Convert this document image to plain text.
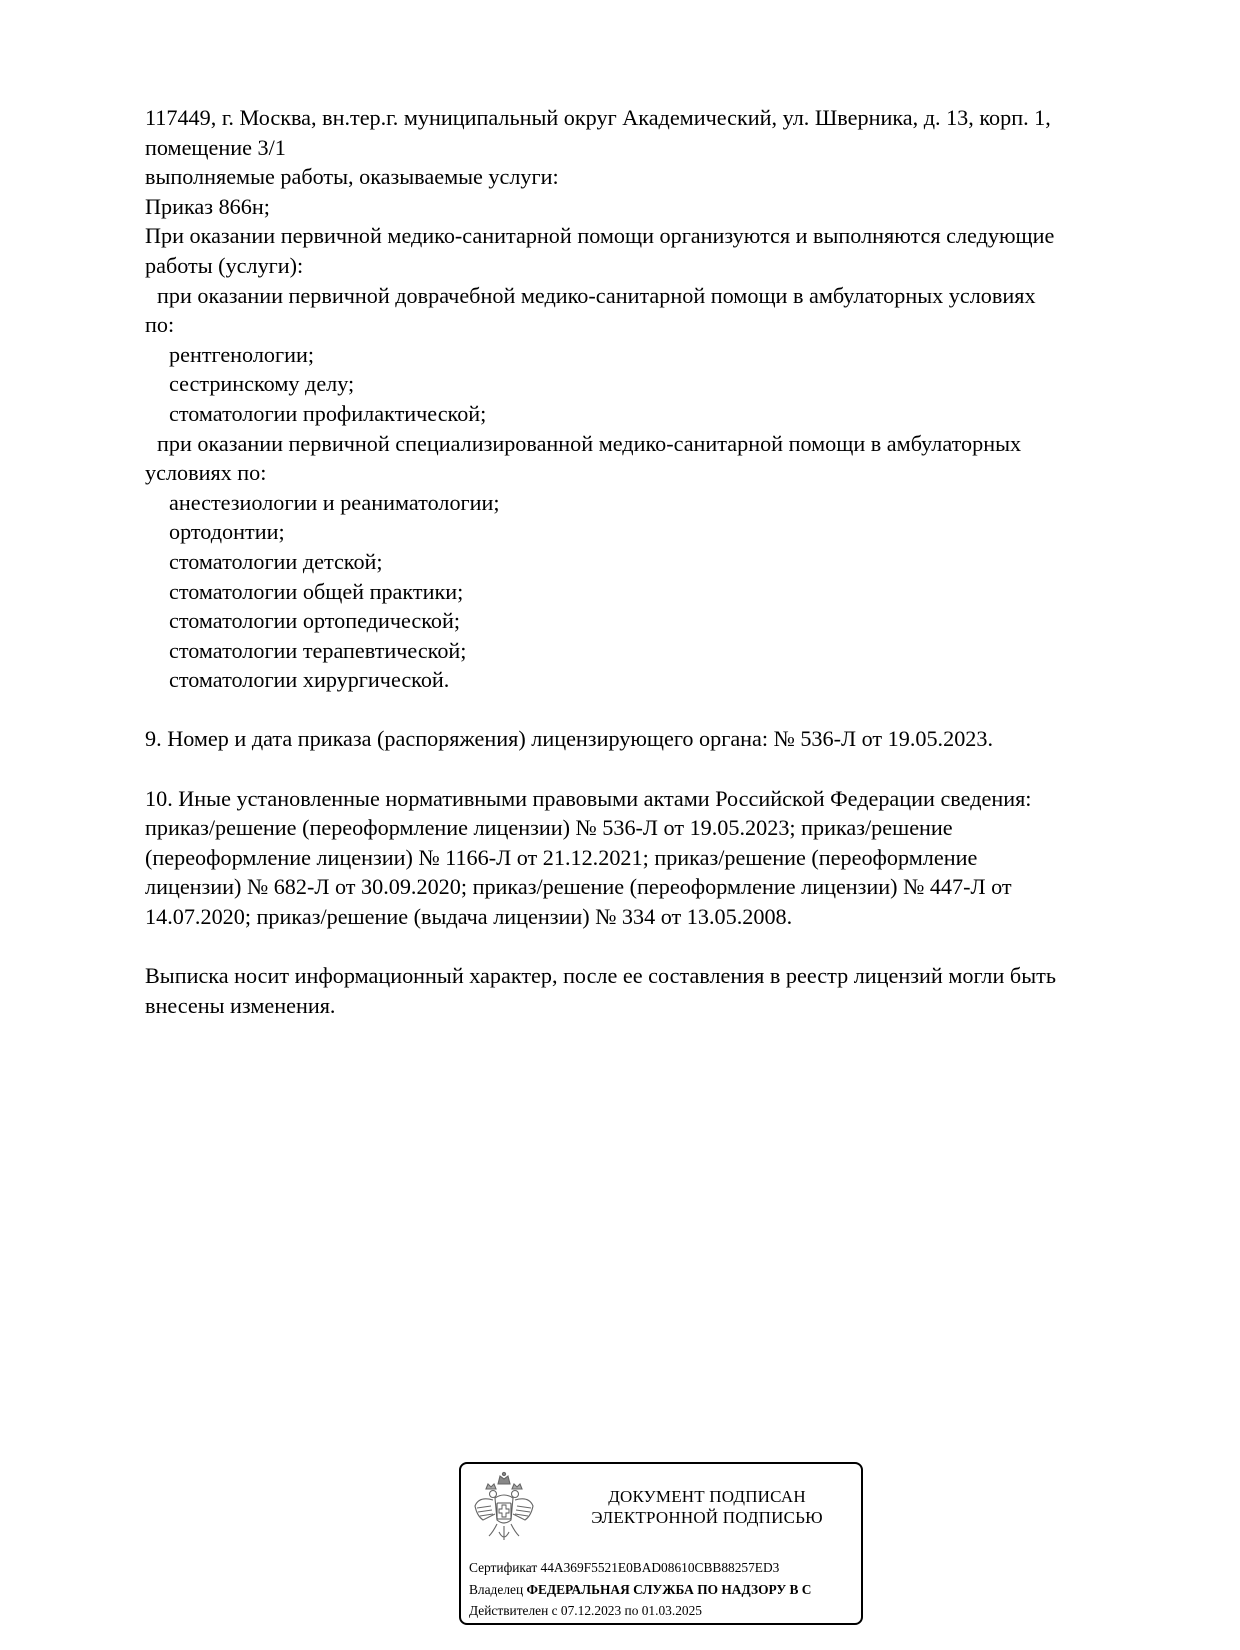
117449, г. Москва, вн.тер.г. муниципальный округ Академический, ул. Шверника, д. 13, корп. 1,
помещение 3/1
выполняемые работы, оказываемые услуги:
Приказ 866н;
При оказании первичной медико-санитарной помощи организуются и выполняются следующие
работы (услуги):
при оказании первичной доврачебной медико-санитарной помощи в амбулаторных условиях
по:
рентгенологии;
сестринскому делу;
стоматологии профилактической;
при оказании первичной специализированной медико-санитарной помощи в амбулаторных
условиях по:
анестезиологии и реаниматологии;
ортодонтии;
стоматологии детской;
стоматологии общей практики;
стоматологии ортопедической;
стоматологии терапевтической;
стоматологии хирургической.
9. Номер и дата приказа (распоряжения) лицензирующего органа: № 536-Л от 19.05.2023.
10. Иные установленные нормативными правовыми актами Российской Федерации сведения:
приказ/решение (переоформление лицензии) № 536-Л от 19.05.2023; приказ/решение
(переоформление лицензии) № 1166-Л от 21.12.2021; приказ/решение (переоформление
лицензии) № 682-Л от 30.09.2020; приказ/решение (переоформление лицензии) № 447-Л от
14.07.2020; приказ/решение (выдача лицензии) № 334 от 13.05.2008.
Выписка носит информационный характер, после ее составления в реестр лицензий могли быть
внесены изменения.
ДОКУМЕНТ ПОДПИСАН
ЭЛЕКТРОННОЙ ПОДПИСЬЮ
Сертификат 44A369F5521E0BAD08610CBB88257ED3
Владелец ФЕДЕРАЛЬНАЯ СЛУЖБА ПО НАДЗОРУ В С
Действителен с 07.12.2023 по 01.03.2025
